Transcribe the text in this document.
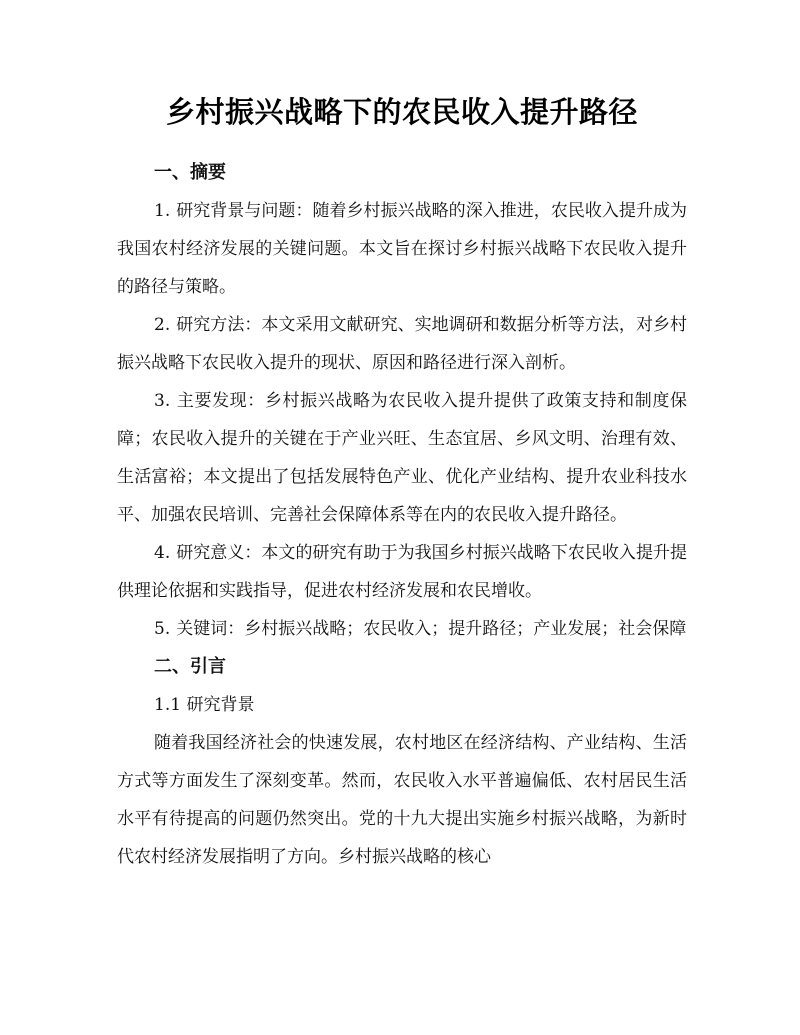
乡村振兴战略下的农民收入提升路径
一、摘要

1. 研究背景与问题：随着乡村振兴战略的深入推进，农民收入提升成为我国农村经济发展的关键问题。本文旨在探讨乡村振兴战略下农民收入提升的路径与策略。

2. 研究方法：本文采用文献研究、实地调研和数据分析等方法，对乡村振兴战略下农民收入提升的现状、原因和路径进行深入剖析。

3. 主要发现：乡村振兴战略为农民收入提升提供了政策支持和制度保障；农民收入提升的关键在于产业兴旺、生态宜居、乡风文明、治理有效、生活富裕；本文提出了包括发展特色产业、优化产业结构、提升农业科技水平、加强农民培训、完善社会保障体系等在内的农民收入提升路径。

4. 研究意义：本文的研究有助于为我国乡村振兴战略下农民收入提升提供理论依据和实践指导，促进农村经济发展和农民增收。

5. 关键词：乡村振兴战略；农民收入；提升路径；产业发展；社会保障

二、引言

1.1 研究背景

随着我国经济社会的快速发展，农村地区在经济结构、产业结构、生活方式等方面发生了深刻变革。然而，农民收入水平普遍偏低、农村居民生活水平有待提高的问题仍然突出。党的十九大提出实施乡村振兴战略，为新时代农村经济发展指明了方向。乡村振兴战略的核心
